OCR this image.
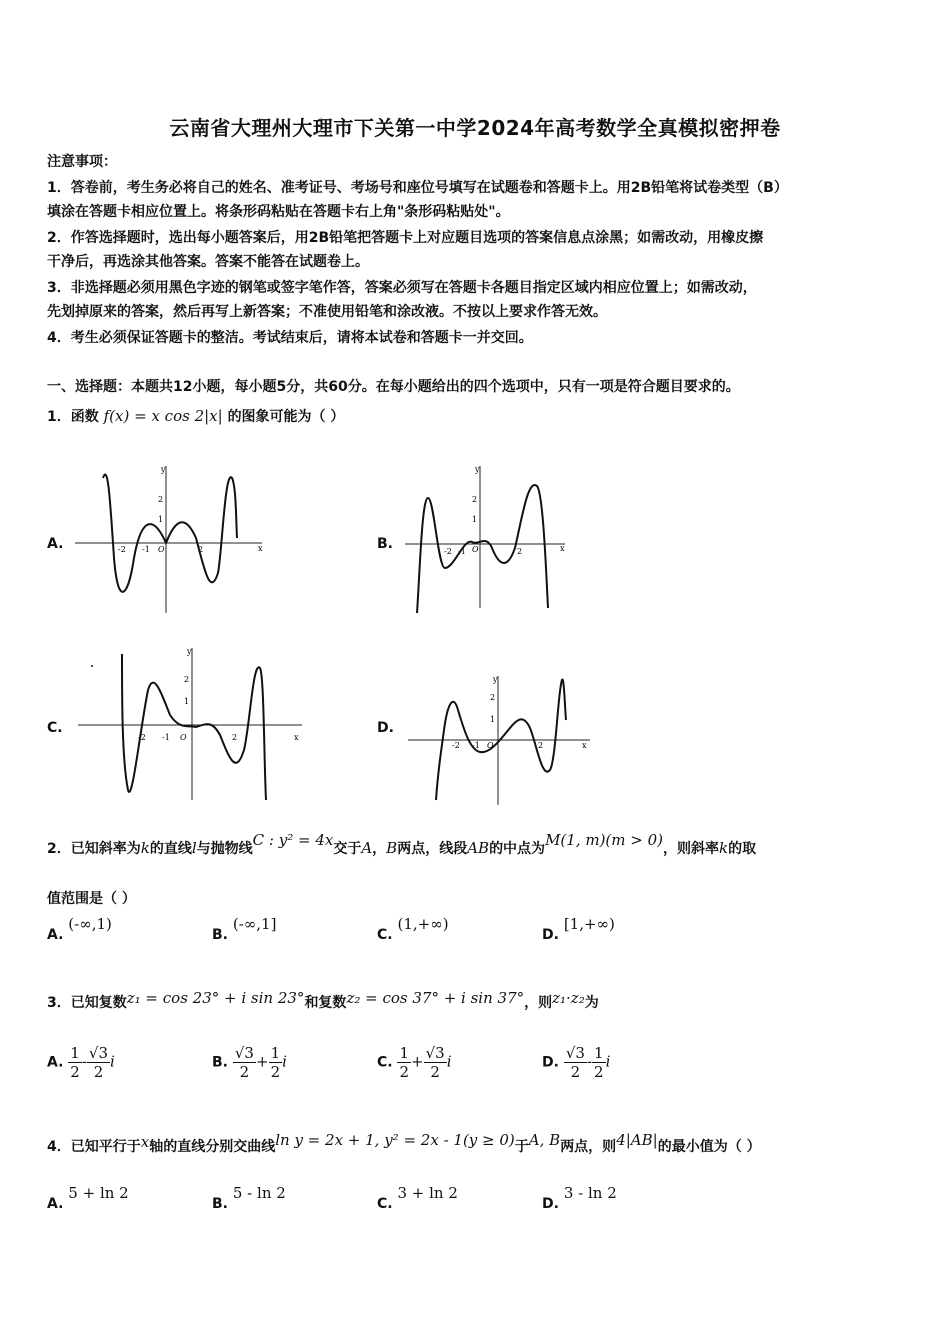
云南省大理州大理市下关第一中学2024年高考数学全真模拟密押卷
注意事项：
1．答卷前，考生务必将自己的姓名、准考证号、考场号和座位号填写在试题卷和答题卡上。用2B铅笔将试卷类型（B）
填涂在答题卡相应位置上。将条形码粘贴在答题卡右上角"条形码粘贴处"。
2．作答选择题时，选出每小题答案后，用2B铅笔把答题卡上对应题目选项的答案信息点涂黑；如需改动，用橡皮擦
干净后，再选涂其他答案。答案不能答在试题卷上。
3．非选择题必须用黑色字迹的钢笔或签字笔作答，答案必须写在答题卡各题目指定区域内相应位置上；如需改动，
先划掉原来的答案，然后再写上新答案；不准使用铅笔和涂改液。不按以上要求作答无效。
4．考生必须保证答题卡的整洁。考试结束后，请将本试卷和答题卡一并交回。
一、选择题：本题共12小题，每小题5分，共60分。在每小题给出的四个选项中，只有一项是符合题目要求的。
1．函数 f(x) = x cos 2|x| 的图象可能为（ ）
A.	B.
C.	D.
y
x
O
2
1
-2 -1	2
y
x
O
2
1
-2 -1	2
y
x
O
2
1
-2 -1	2
y
x
O
2
1
-2 -1	2
2．已知斜率为k的直线l与抛物线C : y² = 4x交于A，B两点，线段AB的中点为M(1, m)(m > 0)，则斜率k的取
值范围是（ ）
A. (-∞,1)
B. (-∞,1]
C. (1,+∞)
D. [1,+∞)
3．已知复数z₁ = cos 23° + i sin 23°和复数z₂ = cos 37° + i sin 37°，则z₁·z₂为
A. $\frac{1}{2} - \frac{√3}{2}$ i	B. $\frac{√3}{2} + \frac{1}{2}$ i	C. $\frac{1}{2} + \frac{√3}{2}$ i	D. $\frac{√3}{2} - \frac{1}{2}$ i
4．已知平行于x轴的直线分别交曲线ln y = 2x + 1, y² = 2x - 1(y ≥ 0)于A, B两点，则4|AB|的最小值为（ ）
A. 5 + ln 2
B. 5 - ln 2
C. 3 + ln 2
D. 3 - ln 2
